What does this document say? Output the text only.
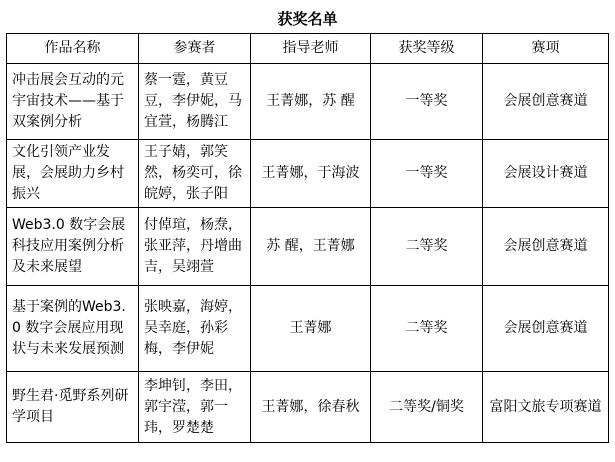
获奖名单
作品名称	参赛者	指导老师	获奖等级	赛项
冲击展会互动的元宇宙技术——基于双案例分析	蔡一霆，黄豆豆，李伊妮，马宜萱，杨腾江	王菁娜，苏 醒	一等奖	会展创意赛道
文化引领产业发展，会展助力乡村振兴	王子婧，郭笑然，杨奕可，徐皖婷，张子阳	王菁娜，于海波	一等奖	会展设计赛道
Web3.0 数字会展科技应用案例分析及未来展望	付倬瑄，杨焘，张亚萍，丹增曲吉，吴翊萱	苏 醒，王菁娜	二等奖	会展创意赛道
基于案例的Web3.0 数字会展应用现状与未来发展预测	张映嘉，海婷，吴幸庭，孙彩梅，李伊妮	王菁娜	二等奖	会展创意赛道
野生君·觅野系列研学项目	李坤钊，李田，郭宇滢，郭一玮，罗楚楚	王菁娜，徐春秋	二等奖/铜奖	富阳文旅专项赛道
